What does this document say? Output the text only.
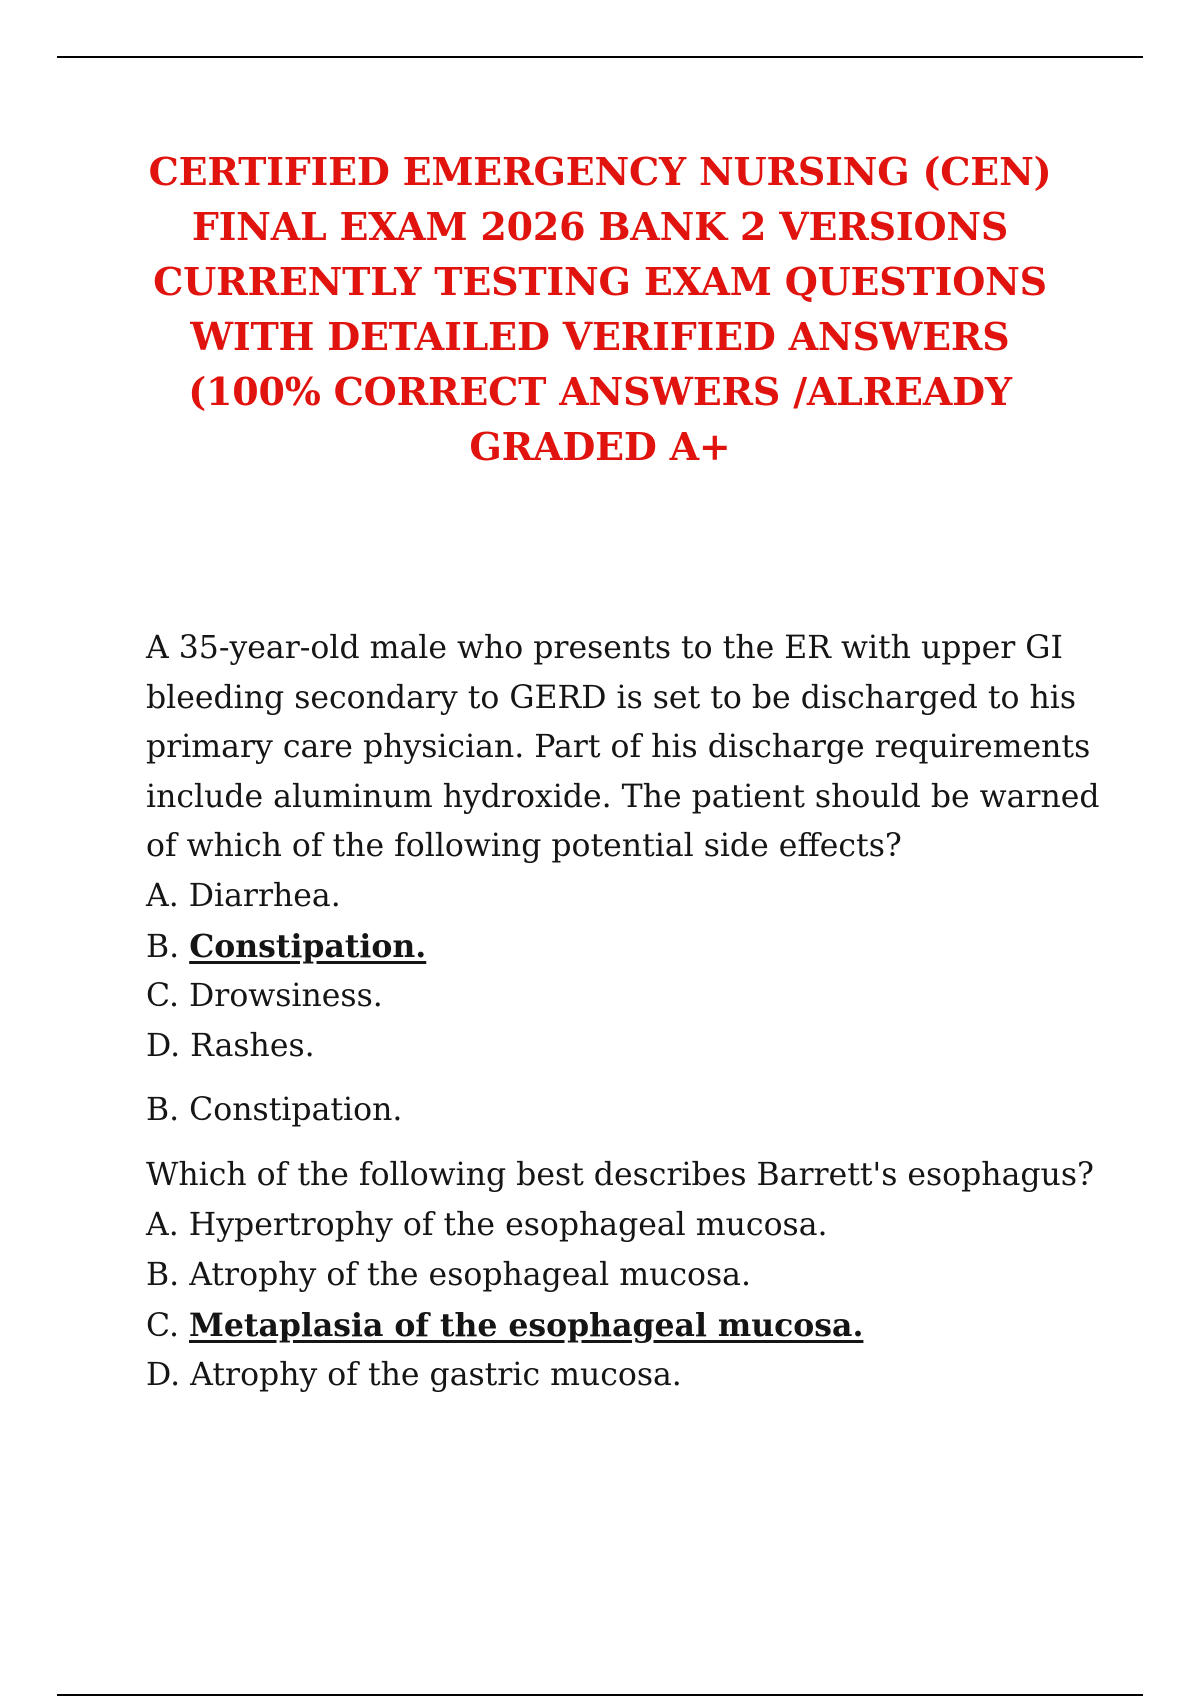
CERTIFIED EMERGENCY NURSING (CEN) FINAL EXAM 2026 BANK 2 VERSIONS CURRENTLY TESTING EXAM QUESTIONS WITH DETAILED VERIFIED ANSWERS (100% CORRECT ANSWERS /ALREADY GRADED A+

A 35-year-old male who presents to the ER with upper GI bleeding secondary to GERD is set to be discharged to his primary care physician. Part of his discharge requirements include aluminum hydroxide. The patient should be warned of which of the following potential side effects?

A. Diarrhea.
B. Constipation.
C. Drowsiness.
D. Rashes.

B. Constipation.

Which of the following best describes Barrett's esophagus?

A. Hypertrophy of the esophageal mucosa.
B. Atrophy of the esophageal mucosa.
C. Metaplasia of the esophageal mucosa.
D. Atrophy of the gastric mucosa.
